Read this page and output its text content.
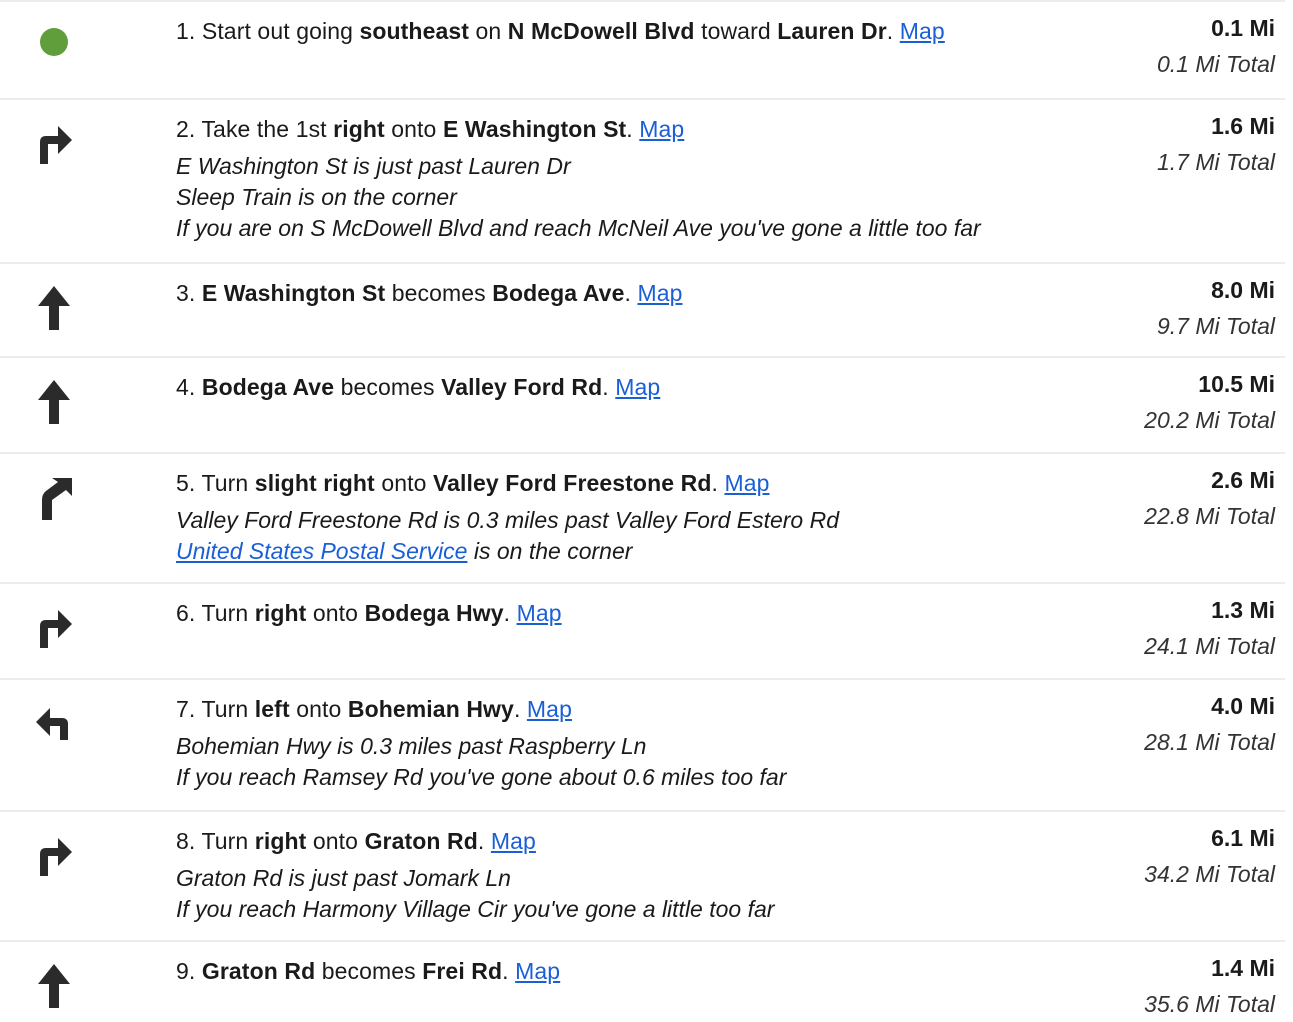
1. Start out going southeast on N McDowell Blvd toward Lauren Dr. Map	0.1 Mi
0.1 Mi Total
2. Take the 1st right onto E Washington St. Map
E Washington St is just past Lauren Dr
Sleep Train is on the corner
If you are on S McDowell Blvd and reach McNeil Ave you've gone a little too far
1.6 Mi
1.7 Mi Total
3. E Washington St becomes Bodega Ave. Map	8.0 Mi
9.7 Mi Total
4. Bodega Ave becomes Valley Ford Rd. Map	10.5 Mi
20.2 Mi Total
5. Turn slight right onto Valley Ford Freestone Rd. Map
Valley Ford Freestone Rd is 0.3 miles past Valley Ford Estero Rd
United States Postal Service is on the corner
2.6 Mi
22.8 Mi Total
6. Turn right onto Bodega Hwy. Map	1.3 Mi
24.1 Mi Total
7. Turn left onto Bohemian Hwy. Map
Bohemian Hwy is 0.3 miles past Raspberry Ln
If you reach Ramsey Rd you've gone about 0.6 miles too far
4.0 Mi
28.1 Mi Total
8. Turn right onto Graton Rd. Map
Graton Rd is just past Jomark Ln
If you reach Harmony Village Cir you've gone a little too far
6.1 Mi
34.2 Mi Total
9. Graton Rd becomes Frei Rd. Map	1.4 Mi
35.6 Mi Total
